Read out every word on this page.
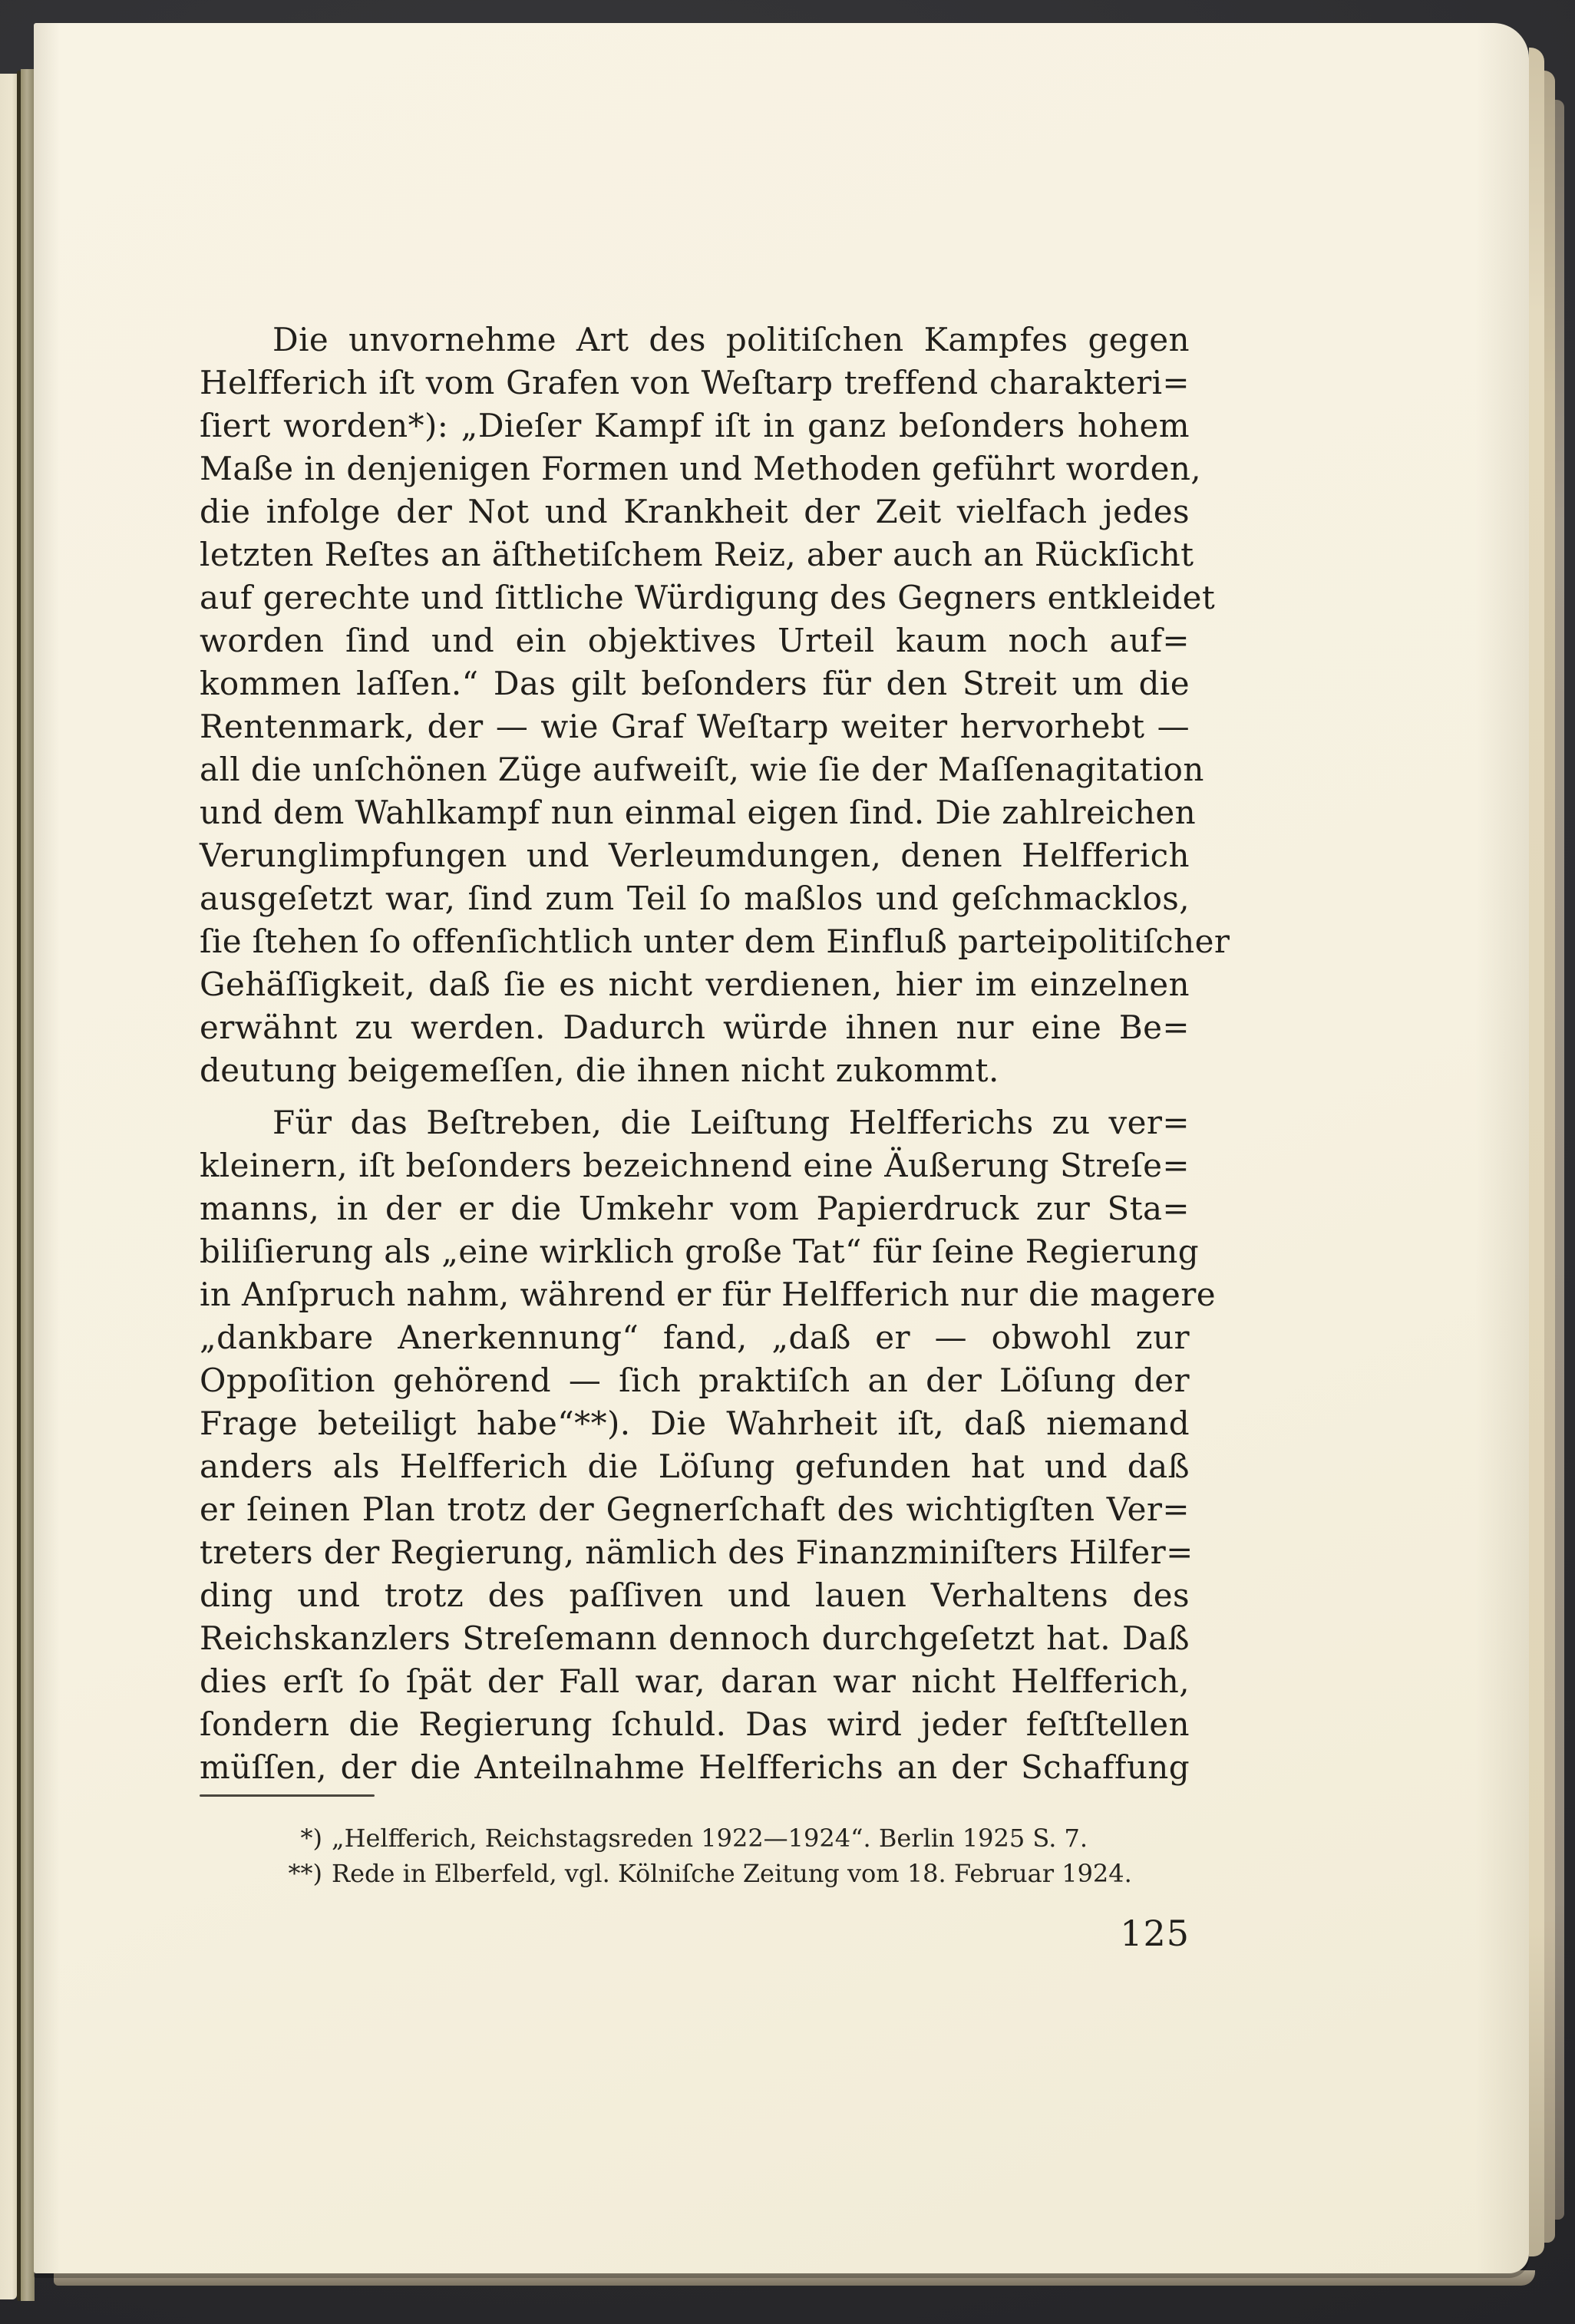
Die unvornehme Art des politiſchen Kampfes gegen
Helfferich iſt vom Grafen von Weſtarp treffend charakteri=
ſiert worden*): „Dieſer Kampf iſt in ganz beſonders hohem
Maße in denjenigen Formen und Methoden geführt worden,
die infolge der Not und Krankheit der Zeit vielfach jedes
letzten Reſtes an äſthetiſchem Reiz, aber auch an Rückſicht
auf gerechte und ſittliche Würdigung des Gegners entkleidet
worden ſind und ein objektives Urteil kaum noch auf=
kommen laſſen.“ Das gilt beſonders für den Streit um die
Rentenmark, der — wie Graf Weſtarp weiter hervorhebt —
all die unſchönen Züge aufweiſt, wie ſie der Maſſenagitation
und dem Wahlkampf nun einmal eigen ſind. Die zahlreichen
Verunglimpfungen und Verleumdungen, denen Helfferich
ausgeſetzt war, ſind zum Teil ſo maßlos und geſchmacklos,
ſie ſtehen ſo offenſichtlich unter dem Einfluß parteipolitiſcher
Gehäſſigkeit, daß ſie es nicht verdienen, hier im einzelnen
erwähnt zu werden. Dadurch würde ihnen nur eine Be=
deutung beigemeſſen, die ihnen nicht zukommt.
Für das Beſtreben, die Leiſtung Helfferichs zu ver=
kleinern, iſt beſonders bezeichnend eine Äußerung Streſe=
manns, in der er die Umkehr vom Papierdruck zur Sta=
biliſierung als „eine wirklich große Tat“ für ſeine Regierung
in Anſpruch nahm, während er für Helfferich nur die magere
„dankbare Anerkennung“ fand, „daß er — obwohl zur
Oppoſition gehörend — ſich praktiſch an der Löſung der
Frage beteiligt habe“**). Die Wahrheit iſt, daß niemand
anders als Helfferich die Löſung gefunden hat und daß
er ſeinen Plan trotz der Gegnerſchaft des wichtigſten Ver=
treters der Regierung, nämlich des Finanzminiſters Hilfer=
ding und trotz des paſſiven und lauen Verhaltens des
Reichskanzlers Streſemann dennoch durchgeſetzt hat. Daß
dies erſt ſo ſpät der Fall war, daran war nicht Helfferich,
ſondern die Regierung ſchuld. Das wird jeder feſtſtellen
müſſen, der die Anteilnahme Helfferichs an der Schaffung
*) „Helfferich, Reichstagsreden 1922—1924“. Berlin 1925 S. 7.
**) Rede in Elberfeld, vgl. Kölniſche Zeitung vom 18. Februar 1924.
125
